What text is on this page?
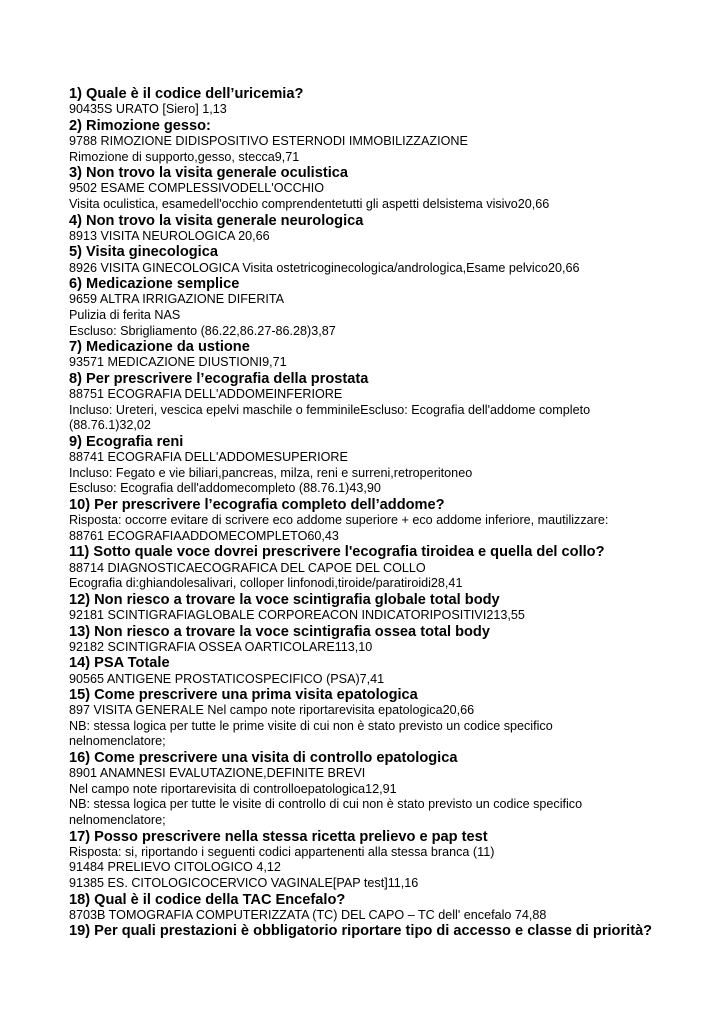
1) Quale è il codice dell’uricemia?
90435S URATO [Siero] 1,13
2) Rimozione gesso:
9788 RIMOZIONE DIDISPOSITIVO ESTERNODI IMMOBILIZZAZIONE
Rimozione di supporto,gesso, stecca9,71
3) Non trovo la visita generale oculistica
9502 ESAME COMPLESSIVODELL'OCCHIO
Visita oculistica, esamedell'occhio comprendentetutti gli aspetti delsistema visivo20,66
4) Non trovo la visita generale neurologica
8913 VISITA NEUROLOGICA 20,66
5) Visita ginecologica
8926 VISITA GINECOLOGICA Visita ostetricoginecologica/andrologica,Esame pelvico20,66
6) Medicazione semplice
9659 ALTRA IRRIGAZIONE DIFERITA
Pulizia di ferita NAS
Escluso: Sbrigliamento (86.22,86.27-86.28)3,87
7) Medicazione da ustione
93571 MEDICAZIONE DIUSTIONI9,71
8) Per prescrivere l’ecografia della prostata
88751 ECOGRAFIA DELL'ADDOMEINFERIORE
Incluso: Ureteri, vescica epelvi maschile o femminileEscluso: Ecografia dell'addome completo
(88.76.1)32,02
9) Ecografia reni
88741 ECOGRAFIA DELL'ADDOMESUPERIORE
Incluso: Fegato e vie biliari,pancreas, milza, reni e surreni,retroperitoneo
Escluso: Ecografia dell'addomecompleto (88.76.1)43,90
10) Per prescrivere l’ecografia completo dell’addome?
Risposta: occorre evitare di scrivere eco addome superiore + eco addome inferiore, mautilizzare:
88761 ECOGRAFIAADDOMECOMPLETO60,43
11) Sotto quale voce dovrei prescrivere l'ecografia tiroidea e quella del collo?
88714 DIAGNOSTICAECOGRAFICA DEL CAPOE DEL COLLO
Ecografia di:ghiandolesalivari, colloper linfonodi,tiroide/paratiroidi28,41
12) Non riesco a trovare la voce scintigrafia globale total body
92181 SCINTIGRAFIAGLOBALE CORPOREACON INDICATORIPOSITIVI213,55
13) Non riesco a trovare la voce scintigrafia ossea total body
92182 SCINTIGRAFIA OSSEA OARTICOLARE113,10
14) PSA Totale
90565 ANTIGENE PROSTATICOSPECIFICO (PSA)7,41
15) Come prescrivere una prima visita epatologica
897 VISITA GENERALE Nel campo note riportarevisita epatologica20,66
NB: stessa logica per tutte le prime visite di cui non è stato previsto un codice specifico
nelnomenclatore;
16) Come prescrivere una visita di controllo epatologica
8901 ANAMNESI EVALUTAZIONE,DEFINITE BREVI
Nel campo note riportarevisita di controlloepatologica12,91
NB: stessa logica per tutte le visite di controllo di cui non è stato previsto un codice specifico
nelnomenclatore;
17) Posso prescrivere nella stessa ricetta prelievo e pap test
Risposta: si, riportando i seguenti codici appartenenti alla stessa branca (11)
91484 PRELIEVO CITOLOGICO 4,12
91385 ES. CITOLOGICOCERVICO VAGINALE[PAP test]11,16
18) Qual è il codice della TAC Encefalo?
8703B TOMOGRAFIA COMPUTERIZZATA (TC) DEL CAPO – TC dell' encefalo 74,88
19) Per quali prestazioni è obbligatorio riportare tipo di accesso e classe di priorità?
